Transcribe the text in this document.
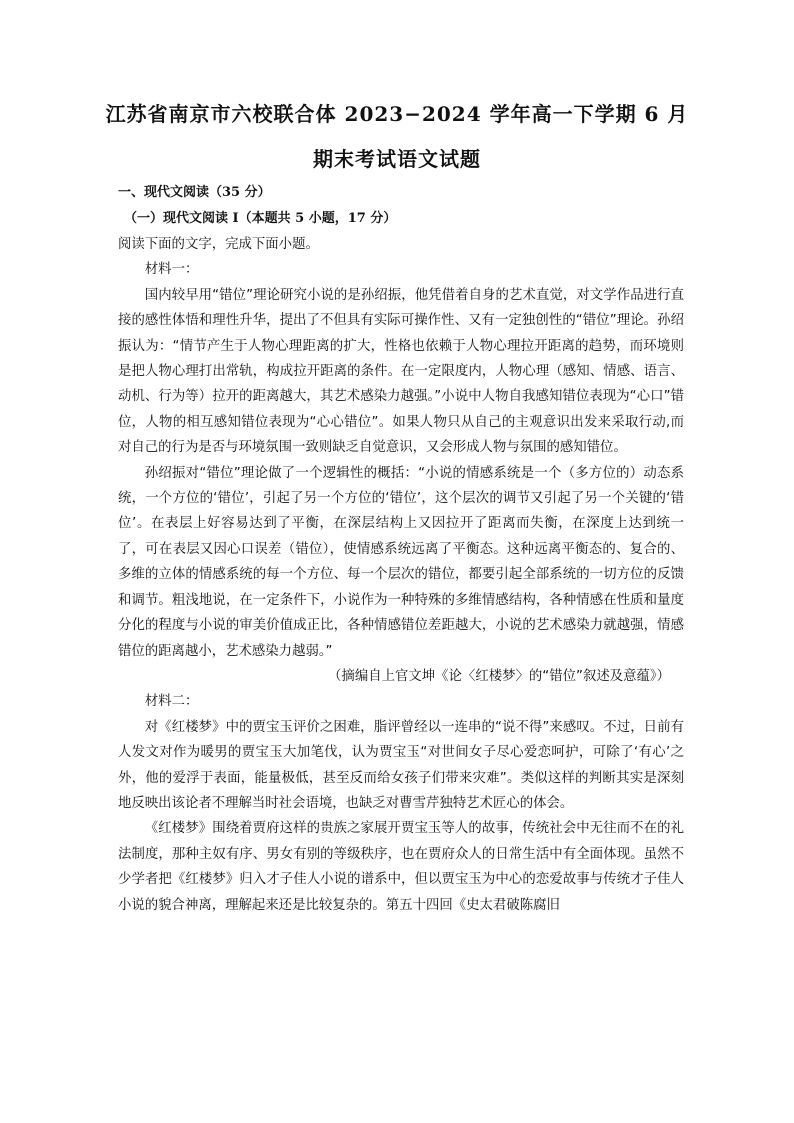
江苏省南京市六校联合体 2023−2024 学年高一下学期 6 月
期末考试语文试题
一、现代文阅读（35 分）
（一）现代文阅读 I（本题共 5 小题，17 分）

阅读下面的文字，完成下面小题。

材料一：

国内较早用“错位”理论研究小说的是孙绍振，他凭借着自身的艺术直觉，对文学作品进行直接的感性体悟和理性升华，提出了不但具有实际可操作性、又有一定独创性的“错位”理论。孙绍振认为：“情节产生于人物心理距离的扩大，性格也依赖于人物心理拉开距离的趋势，而环境则是把人物心理打出常轨，构成拉开距离的条件。在一定限度内，人物心理（感知、情感、语言、动机、行为等）拉开的距离越大，其艺术感染力越强。”小说中人物自我感知错位表现为“心口”错位，人物的相互感知错位表现为“心心错位”。如果人物只从自己的主观意识出发来采取行动,而对自己的行为是否与环境氛围一致则缺乏自觉意识，又会形成人物与氛围的感知错位。

孙绍振对“错位”理论做了一个逻辑性的概括：“小说的情感系统是一个（多方位的）动态系统，一个方位的‘错位’，引起了另一个方位的‘错位’，这个层次的调节又引起了另一个关键的‘错位’。在表层上好容易达到了平衡，在深层结构上又因拉开了距离而失衡，在深度上达到统一了，可在表层又因心口误差（错位），使情感系统远离了平衡态。这种远离平衡态的、复合的、多维的立体的情感系统的每一个方位、每一个层次的错位，都要引起全部系统的一切方位的反馈和调节。粗浅地说，在一定条件下，小说作为一种特殊的多维情感结构，各种情感在性质和量度分化的程度与小说的审美价值成正比，各种情感错位差距越大，小说的艺术感染力就越强，情感错位的距离越小，艺术感染力越弱。”

（摘编自上官文坤《论〈红楼梦〉的“错位”叙述及意蕴》）

材料二：

对《红楼梦》中的贾宝玉评价之困难，脂评曾经以一连串的“说不得”来感叹。不过，日前有人发文对作为暖男的贾宝玉大加笔伐，认为贾宝玉“对世间女子尽心爱恋呵护，可除了‘有心’之外，他的爱浮于表面，能量极低，甚至反而给女孩子们带来灾难”。类似这样的判断其实是深刻地反映出该论者不理解当时社会语境，也缺乏对曹雪芹独特艺术匠心的体会。

《红楼梦》围绕着贾府这样的贵族之家展开贾宝玉等人的故事，传统社会中无往而不在的礼法制度，那种主奴有序、男女有别的等级秩序，也在贾府众人的日常生活中有全面体现。虽然不少学者把《红楼梦》归入才子佳人小说的谱系中，但以贾宝玉为中心的恋爱故事与传统才子佳人小说的貌合神离，理解起来还是比较复杂的。第五十四回《史太君破陈腐旧
